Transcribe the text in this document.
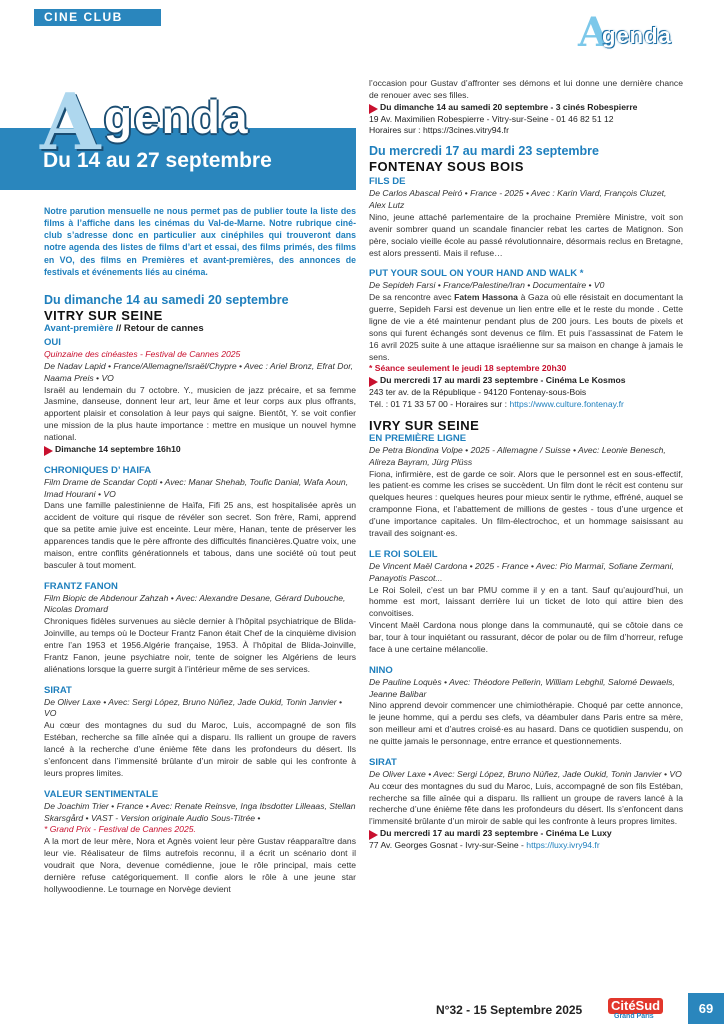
CINE CLUB	A
genda
A genda
Du 14 au 27 septembre
Notre parution mensuelle ne nous permet pas de publier toute la liste des films à l’affiche dans les cinémas du Val-de-Marne. Notre rubrique ciné-club s’adresse donc en particulier aux cinéphiles qui trouveront dans notre agenda des listes de films d’art et essai, des films primés, des films en VO, des films en Premières et avant-premières, des annonces de festivals et événements liés au cinéma.
Du dimanche 14 au samedi 20 septembre
VITRY SUR SEINE
Avant-première // Retour de cannes
OUI
Quinzaine des cinéastes - Festival de Cannes 2025
De Nadav Lapid • France/Allemagne/Israël/Chypre • Avec : Ariel Bronz, Efrat Dor, Naama Preis • VO
Israël au lendemain du 7 octobre. Y., musicien de jazz précaire, et sa femme Jasmine, danseuse, donnent leur art, leur âme et leur corps aux plus offrants, apportent plaisir et consolation à leur pays qui saigne. Bientôt, Y. se voit confier une mission de la plus haute importance : mettre en musique un nouvel hymne national.
Dimanche 14 septembre 16h10
CHRONIQUES D’ HAIFA
Film Drame de Scandar Copti • Avec: Manar Shehab, Toufic Danial, Wafa Aoun, Imad Hourani • VO
Dans une famille palestinienne de Haïfa, Fifi 25 ans, est hospitalisée après un accident de voiture qui risque de révéler son secret. Son frère, Rami, apprend que sa petite amie juive est enceinte. Leur mère, Hanan, tente de préserver les apparences tandis que le père affronte des difficultés financières.Quatre voix, une maison, entre conflits générationnels et tabous, dans une société où tout peut basculer à tout moment.
FRANTZ FANON
Film Biopic de Abdenour Zahzah • Avec: Alexandre Desane, Gérard Dubouche, Nicolas Dromard
Chroniques fidèles survenues au siècle dernier à l’hôpital psychiatrique de Blida-Joinville, au temps où le Docteur Frantz Fanon était Chef de la cinquième division entre l’an 1953 et 1956.Algérie française, 1953. À l’hôpital de Blida-Joinville, Frantz Fanon, jeune psychiatre noir, tente de soigner les Algériens de leurs aliénations lorsque la guerre surgit à l’intérieur même de ses services.
SIRAT
De Oliver Laxe • Avec: Sergi López, Bruno Núñez, Jade Oukid, Tonin Janvier • VO
Au cœur des montagnes du sud du Maroc, Luis, accompagné de son fils Estéban, recherche sa fille aînée qui a disparu. Ils rallient un groupe de ravers lancé à la recherche d’une énième fête dans les profondeurs du désert. Ils s’enfoncent dans l’immensité brûlante d’un miroir de sable qui les confronte à leurs propres limites.
VALEUR SENTIMENTALE
De Joachim Trier • France • Avec: Renate Reinsve, Inga Ibsdotter Lilleaas, Stellan Skarsgård • VAST - Version originale Audio Sous-Titrée •
* Grand Prix - Festival de Cannes 2025.
A la mort de leur mère, Nora et Agnès voient leur père Gustav réapparaître dans leur vie. Réalisateur de films autrefois reconnu, il a écrit un scénario dont il voudrait que Nora, devenue comédienne, joue le rôle principal, mais cette dernière refuse catégoriquement. Il confie alors le rôle à une jeune star hollywoodienne. Le tournage en Norvège devient
l’occasion pour Gustav d’affronter ses démons et lui donne une dernière chance de renouer avec ses filles.
Du dimanche 14 au samedi 20 septembre - 3 cinés Robespierre
19 Av. Maximilien Robespierre - Vitry-sur-Seine - 01 46 82 51 12
Horaires sur : https://3cines.vitry94.fr
Du mercredi 17 au mardi 23 septembre
FONTENAY SOUS BOIS
FILS DE
De Carlos Abascal Peiró • France - 2025 • Avec : Karin Viard, François Cluzet, Alex Lutz
Nino, jeune attaché parlementaire de la prochaine Première Ministre, voit son avenir sombrer quand un scandale financier rebat les cartes de Matignon. Son père, socialo vieille école au passé révolutionnaire, désormais reclus en Bretagne, est alors pressenti. Mais il refuse…
PUT YOUR SOUL ON YOUR HAND AND WALK *
De Sepideh Farsi • France/Palestine/Iran • Documentaire • V0
De sa rencontre avec Fatem Hassona à Gaza où elle résistait en documentant la guerre, Sepideh Farsi est devenue un lien entre elle et le reste du monde . Cette ligne de vie a été maintenur pendant plus de 200 jours. Les bouts de pixels et sons qui furent échangés sont devenus ce film. Et puis l’assassinat de Fatem le 16 avril 2025 suite à une attaque israélienne sur sa maison en change à jamais le sens.
* Séance seulement le jeudi 18 septembre 20h30
Du mercredi 17 au mardi 23 septembre - Cinéma Le Kosmos
243 ter av. de la République - 94120 Fontenay-sous-Bois
Tél. : 01 71 33 57 00 - Horaires sur : https://www.culture.fontenay.fr
IVRY SUR SEINE
EN PREMIÈRE LIGNE
De Petra Biondina Volpe • 2025 - Allemagne / Suisse • Avec: Leonie Benesch, Alireza Bayram, Jürg Plüss
Fiona, infirmière, est de garde ce soir. Alors que le personnel est en sous-effectif, les patient·es comme les crises se succèdent. Un film dont le récit est contenu sur quelques heures : quelques heures pour mieux sentir le rythme, effréné, auquel se cramponne Fiona, et l’abattement de millions de gestes - tous d’une urgence et d’une importance capitales. Un film-électrochoc, et un hommage saisissant au travail des soignant·es.
LE ROI SOLEIL
De Vincent Maël Cardona • 2025 - France • Avec: Pio Marmaï, Sofiane Zermani, Panayotis Pascot...
Le Roi Soleil, c’est un bar PMU comme il y en a tant. Sauf qu’aujourd’hui, un homme est mort, laissant derrière lui un ticket de loto qui attire bien des convoitises.
Vincent Maël Cardona nous plonge dans la communauté, qui se côtoie dans ce bar, tour à tour inquiétant ou rassurant, décor de polar ou de film d’horreur, refuge face à une certaine mélancolie.
NINO
De Pauline Loquès • Avec: Théodore Pellerin, William Lebghil, Salomé Dewaels, Jeanne Balibar
Nino apprend devoir commencer une chimiothérapie. Choqué par cette annonce, le jeune homme, qui a perdu ses clefs, va déambuler dans Paris entre sa mère, son meilleur ami et d’autres croisé·es au hasard. Dans ce quotidien suspendu, on ne quitte jamais le personnage, entre errance et questionnements.
SIRAT
De Oliver Laxe • Avec: Sergi López, Bruno Núñez, Jade Oukid, Tonin Janvier • VO
Au cœur des montagnes du sud du Maroc, Luis, accompagné de son fils Estéban, recherche sa fille aînée qui a disparu. Ils rallient un groupe de ravers lancé à la recherche d’une énième fête dans les profondeurs du désert. Ils s’enfoncent dans l’immensité brûlante d’un miroir de sable qui les confronte à leurs propres limites.
Du mercredi 17 au mardi 23 septembre - Cinéma Le Luxy
77 Av. Georges Gosnat - Ivry-sur-Seine - https://luxy.ivry94.fr
N°32 - 15 Septembre 2025 CitéSud
Grand Paris
69
